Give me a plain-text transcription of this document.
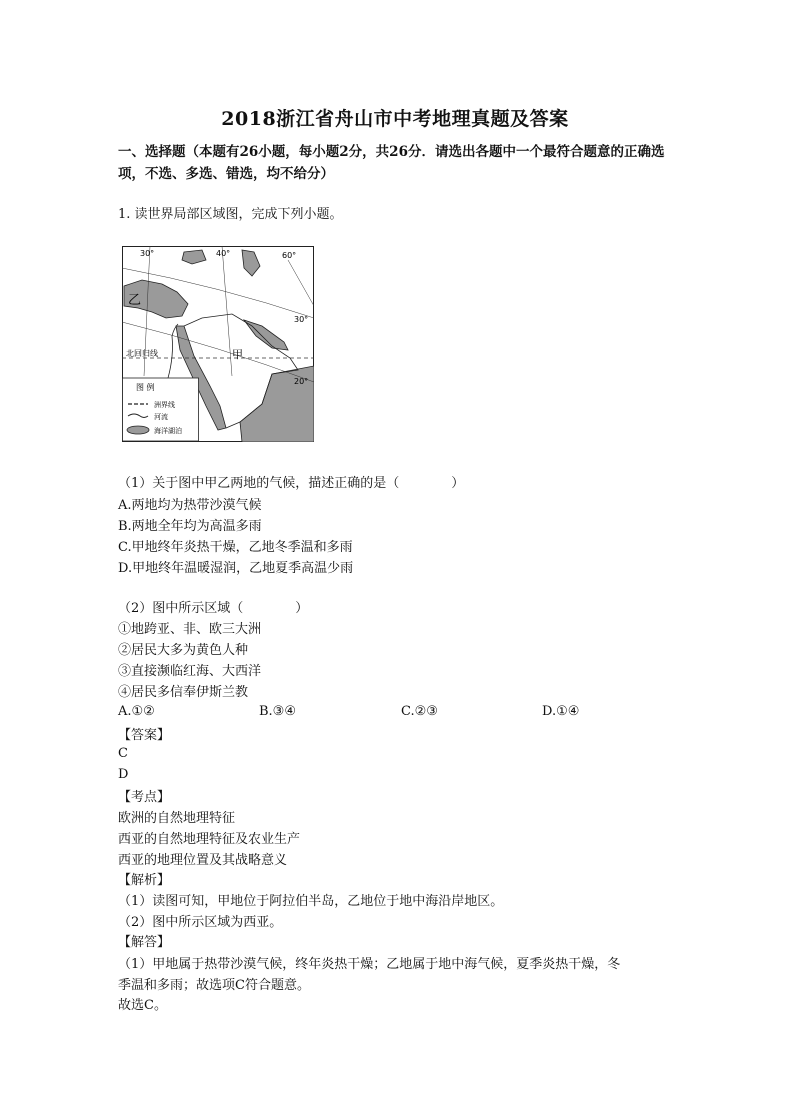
2018浙江省舟山市中考地理真题及答案
一、选择题（本题有26小题，每小题2分，共26分．请选出各题中一个最符合题意的正确选项，不选、多选、错选，均不给分）
1. 读世界局部区域图，完成下列小题。
30°	40°	60°
30°
20°
乙
甲
北回归线
图 例
洲界线
河流
海洋湖泊
（1）关于图中甲乙两地的气候，描述正确的是（　　　　）
A.两地均为热带沙漠气候
B.两地全年均为高温多雨
C.甲地终年炎热干燥，乙地冬季温和多雨
D.甲地终年温暖湿润，乙地夏季高温少雨
（2）图中所示区域（　　　　）
①地跨亚、非、欧三大洲
②居民大多为黄色人种
③直接濒临红海、大西洋
④居民多信奉伊斯兰教
A.①②	B.③④	C.②③	D.①④
【答案】
C
D
【考点】
欧洲的自然地理特征
西亚的自然地理特征及农业生产
西亚的地理位置及其战略意义
【解析】
（1）读图可知，甲地位于阿拉伯半岛，乙地位于地中海沿岸地区。
（2）图中所示区域为西亚。
【解答】
（1）甲地属于热带沙漠气候，终年炎热干燥；乙地属于地中海气候，夏季炎热干燥，冬
季温和多雨；故选项C符合题意。
故选C。
